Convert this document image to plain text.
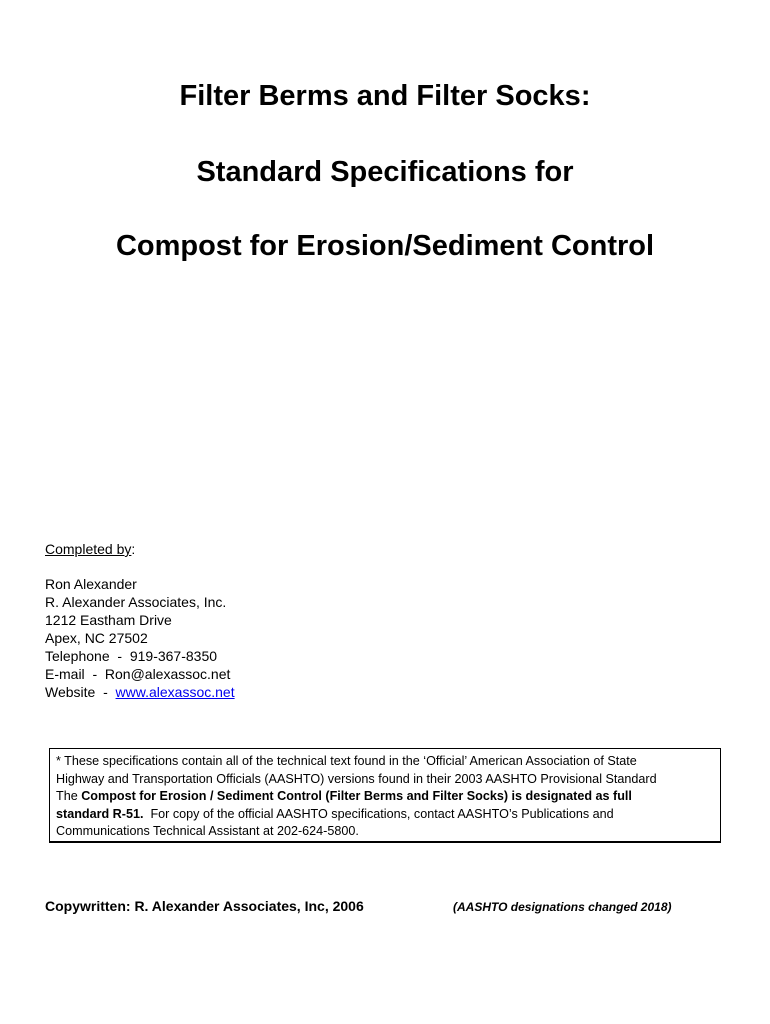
Filter Berms and Filter Socks:
Standard Specifications for
Compost for Erosion/Sediment Control
Completed by:
Ron Alexander
R. Alexander Associates, Inc.
1212 Eastham Drive
Apex, NC 27502
Telephone  -  919-367-8350
E-mail  -  Ron@alexassoc.net
Website  -  www.alexassoc.net
* These specifications contain all of the technical text found in the ‘Official’ American Association of State
Highway and Transportation Officials (AASHTO) versions found in their 2003 AASHTO Provisional Standard
The Compost for Erosion / Sediment Control (Filter Berms and Filter Socks) is designated as full
standard R-51.  For copy of the official AASHTO specifications, contact AASHTO’s Publications and
Communications Technical Assistant at 202-624-5800.
Copywritten: R. Alexander Associates, Inc, 2006	(AASHTO designations changed 2018)
